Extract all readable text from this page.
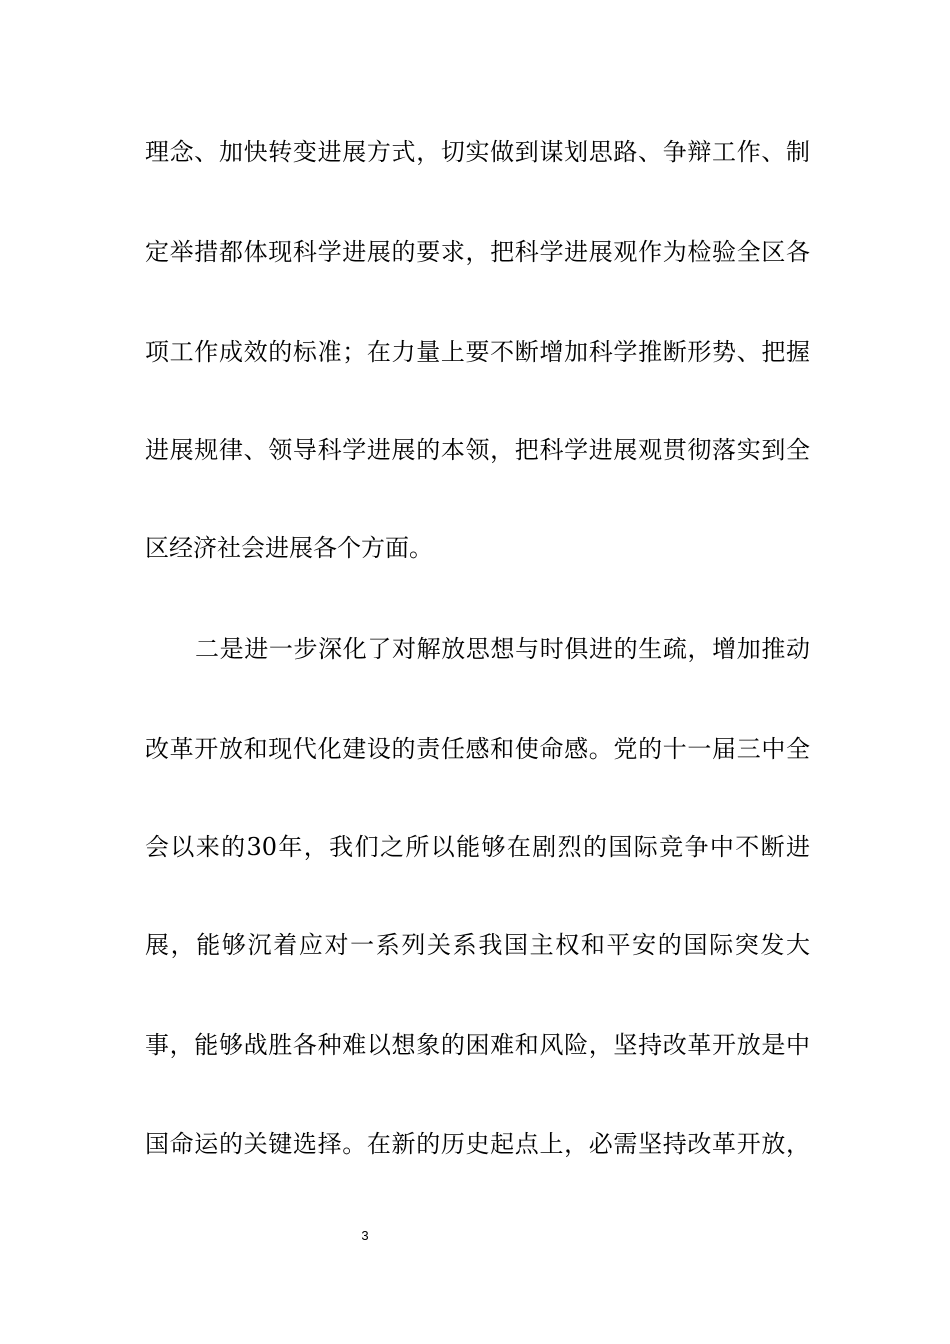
理念、加快转变进展方式，切实做到谋划思路、争辩工作、制
定举措都体现科学进展的要求，把科学进展观作为检验全区各
项工作成效的标准；在力量上要不断增加科学推断形势、把握
进展规律、领导科学进展的本领，把科学进展观贯彻落实到全
区经济社会进展各个方面。
二是进一步深化了对解放思想与时俱进的生疏，增加推动
改革开放和现代化建设的责任感和使命感。党的十一届三中全
会以来的30年，我们之所以能够在剧烈的国际竞争中不断进
展，能够沉着应对一系列关系我国主权和平安的国际突发大
事，能够战胜各种难以想象的困难和风险，坚持改革开放是中
国命运的关键选择。在新的历史起点上，必需坚持改革开放，
3
